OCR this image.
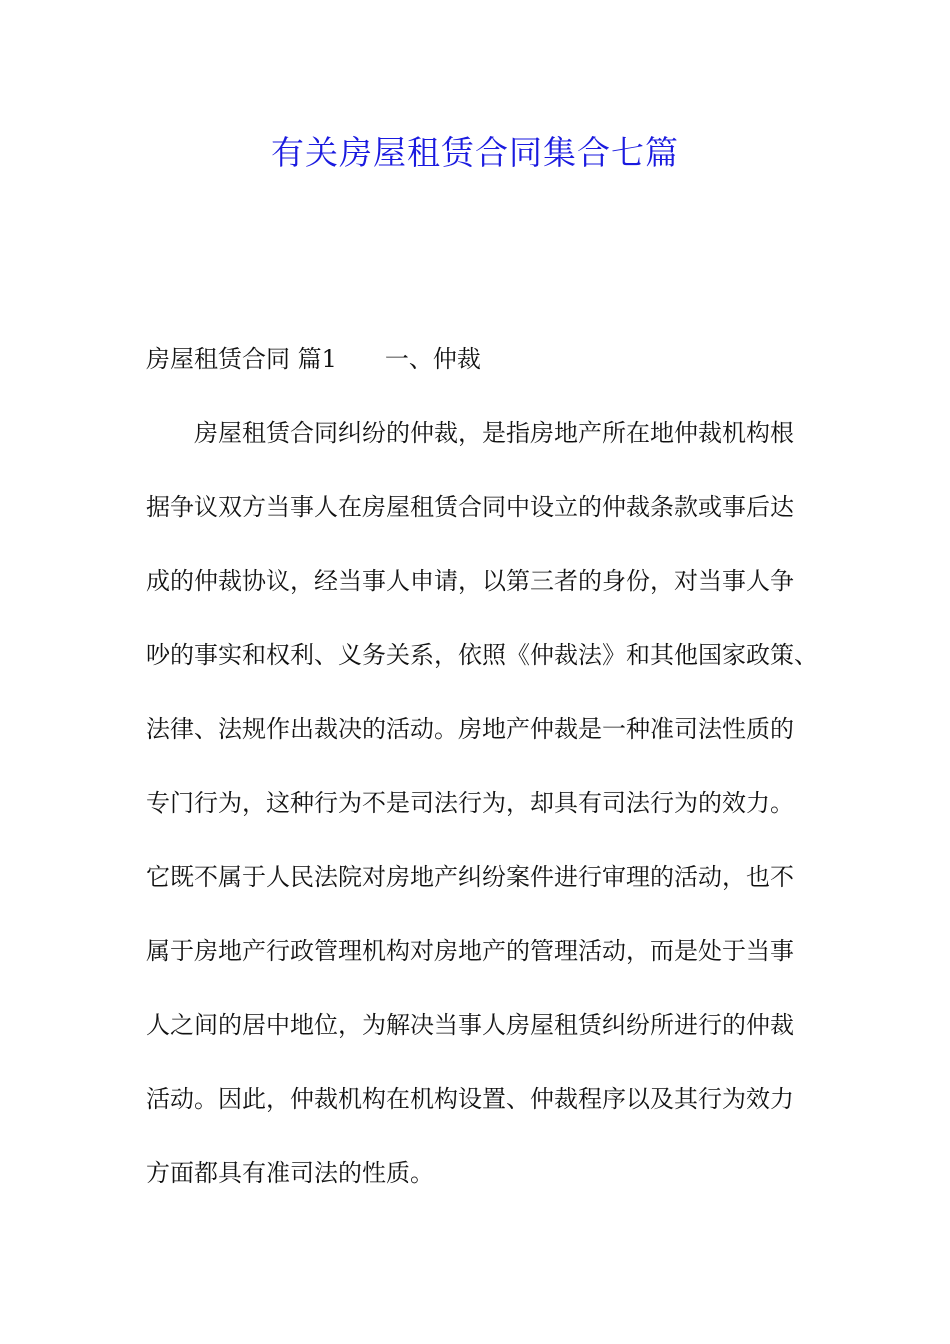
有关房屋租赁合同集合七篇
房屋租赁合同 篇1 一、仲裁
房屋租赁合同纠纷的仲裁，是指房地产所在地仲裁机构根
据争议双方当事人在房屋租赁合同中设立的仲裁条款或事后达
成的仲裁协议，经当事人申请，以第三者的身份，对当事人争
吵的事实和权利、义务关系，依照《仲裁法》和其他国家政策、
法律、法规作出裁决的活动。房地产仲裁是一种准司法性质的
专门行为，这种行为不是司法行为，却具有司法行为的效力。
它既不属于人民法院对房地产纠纷案件进行审理的活动，也不
属于房地产行政管理机构对房地产的管理活动，而是处于当事
人之间的居中地位，为解决当事人房屋租赁纠纷所进行的仲裁
活动。因此，仲裁机构在机构设置、仲裁程序以及其行为效力
方面都具有准司法的性质。
